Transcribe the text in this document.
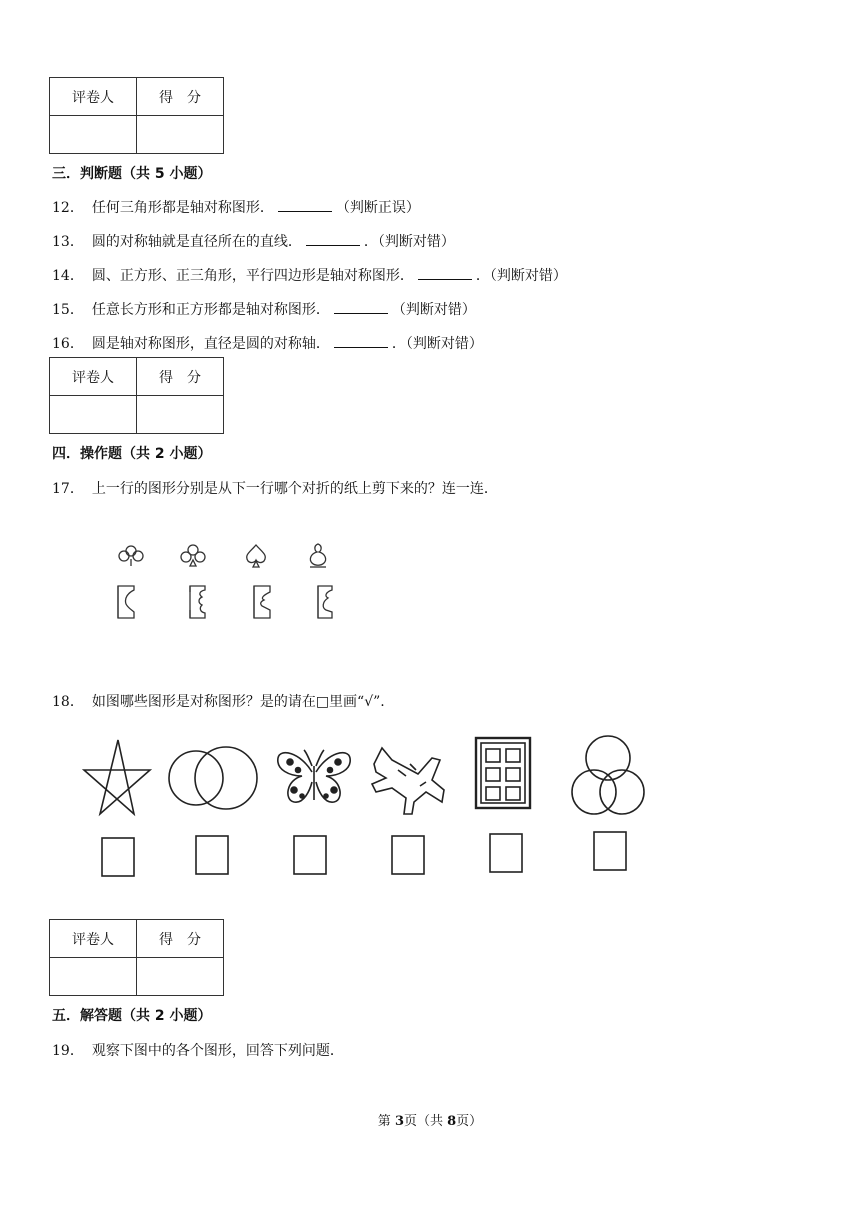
评卷人	得　分

三．判断题（共 5 小题）
12． 任何三角形都是轴对称图形．	（判断正误）
13． 圆的对称轴就是直径所在的直线．	．（判断对错）
14． 圆、正方形、正三角形，平行四边形是轴对称图形．	．（判断对错）
15． 任意长方形和正方形都是轴对称图形．	（判断对错）
16． 圆是轴对称图形，直径是圆的对称轴．	．（判断对错）
评卷人	得　分

四．操作题（共 2 小题）
17． 上一行的图形分别是从下一行哪个对折的纸上剪下来的？连一连．
18． 如图哪些图形是对称图形？是的请在□里画“√”.
评卷人	得　分

五．解答题（共 2 小题）
19． 观察下图中的各个图形，回答下列问题．
第 3页（共 8页）
